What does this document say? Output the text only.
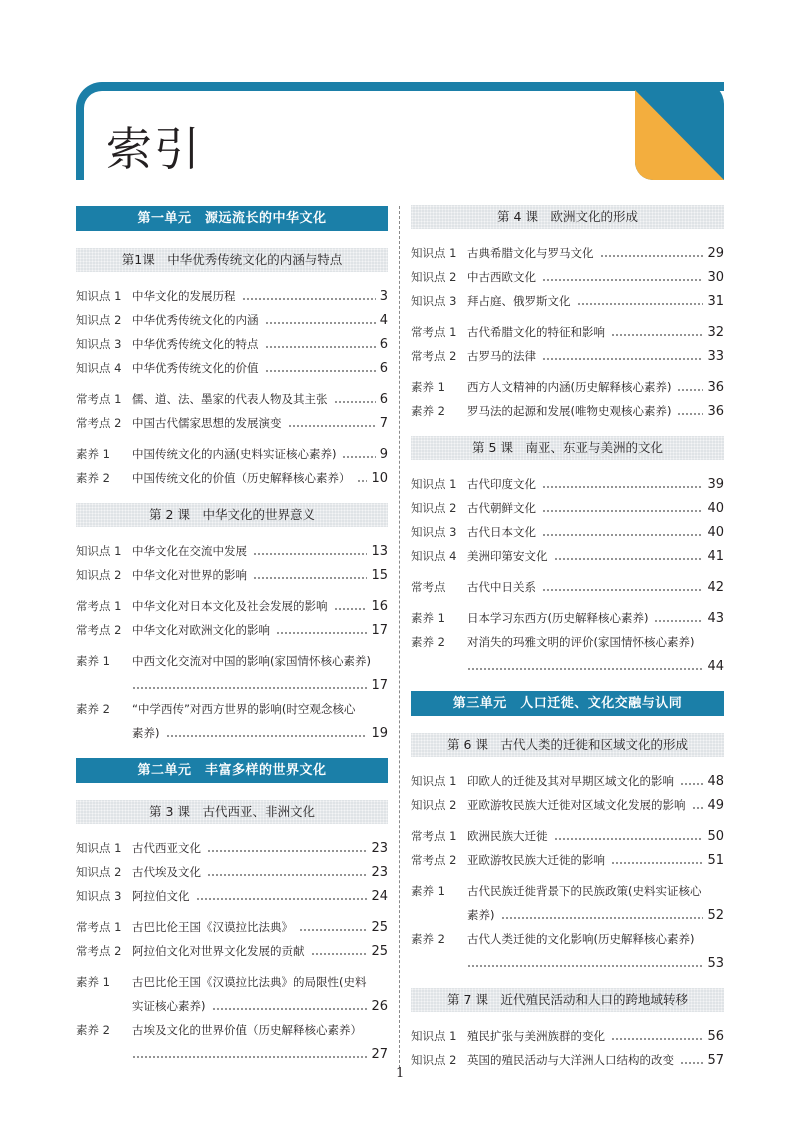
索引
第一单元　源远流长的中华文化
第1课　中华优秀传统文化的内涵与特点
知识点 1 中华文化的发展历程	3
知识点 2 中华优秀传统文化的内涵	4
知识点 3 中华优秀传统文化的特点	6
知识点 4 中华优秀传统文化的价值	6
常考点 1 儒、道、法、墨家的代表人物及其主张	6
常考点 2 中国古代儒家思想的发展演变	7
素养 1	中国传统文化的内涵(史料实证核心素养)	9
素养 2	中国传统文化的价值（历史解释核心素养） 10
第 2 课　中华文化的世界意义
知识点 1 中华文化在交流中发展	13
知识点 2 中华文化对世界的影响	15
常考点 1 中华文化对日本文化及社会发展的影响	16
常考点 2 中华文化对欧洲文化的影响	17
素养 1	中西文化交流对中国的影响(家国情怀核心素养)
17
素养 2	“中学西传”对西方世界的影响(时空观念核心
素养)	19
第二单元　丰富多样的世界文化
第 3 课　古代西亚、非洲文化
知识点 1 古代西亚文化	23
知识点 2 古代埃及文化	23
知识点 3 阿拉伯文化	24
常考点 1 古巴比伦王国《汉谟拉比法典》	25
常考点 2 阿拉伯文化对世界文化发展的贡献	25
素养 1	古巴比伦王国《汉谟拉比法典》的局限性(史料
实证核心素养)	26
素养 2	古埃及文化的世界价值（历史解释核心素养）
27
第 4 课　欧洲文化的形成
知识点 1 古典希腊文化与罗马文化	29
知识点 2 中古西欧文化	30
知识点 3 拜占庭、俄罗斯文化	31
常考点 1 古代希腊文化的特征和影响	32
常考点 2 古罗马的法律	33
素养 1	西方人文精神的内涵(历史解释核心素养)	36
素养 2	罗马法的起源和发展(唯物史观核心素养)	36
第 5 课　南亚、东亚与美洲的文化
知识点 1 古代印度文化	39
知识点 2 古代朝鲜文化	40
知识点 3 古代日本文化	40
知识点 4 美洲印第安文化	41
常考点	古代中日关系	42
素养 1	日本学习东西方(历史解释核心素养)	43
素养 2	对消失的玛雅文明的评价(家国情怀核心素养)
44
第三单元　人口迁徙、文化交融与认同
第 6 课　古代人类的迁徙和区域文化的形成
知识点 1 印欧人的迁徙及其对早期区域文化的影响	48
知识点 2 亚欧游牧民族大迁徙对区域文化发展的影响 49
常考点 1 欧洲民族大迁徙	50
常考点 2 亚欧游牧民族大迁徙的影响	51
素养 1	古代民族迁徙背景下的民族政策(史料实证核心
素养)	52
素养 2	古代人类迁徙的文化影响(历史解释核心素养)
53
第 7 课　近代殖民活动和人口的跨地域转移
知识点 1 殖民扩张与美洲族群的变化	56
知识点 2 英国的殖民活动与大洋洲人口结构的改变	57
1
